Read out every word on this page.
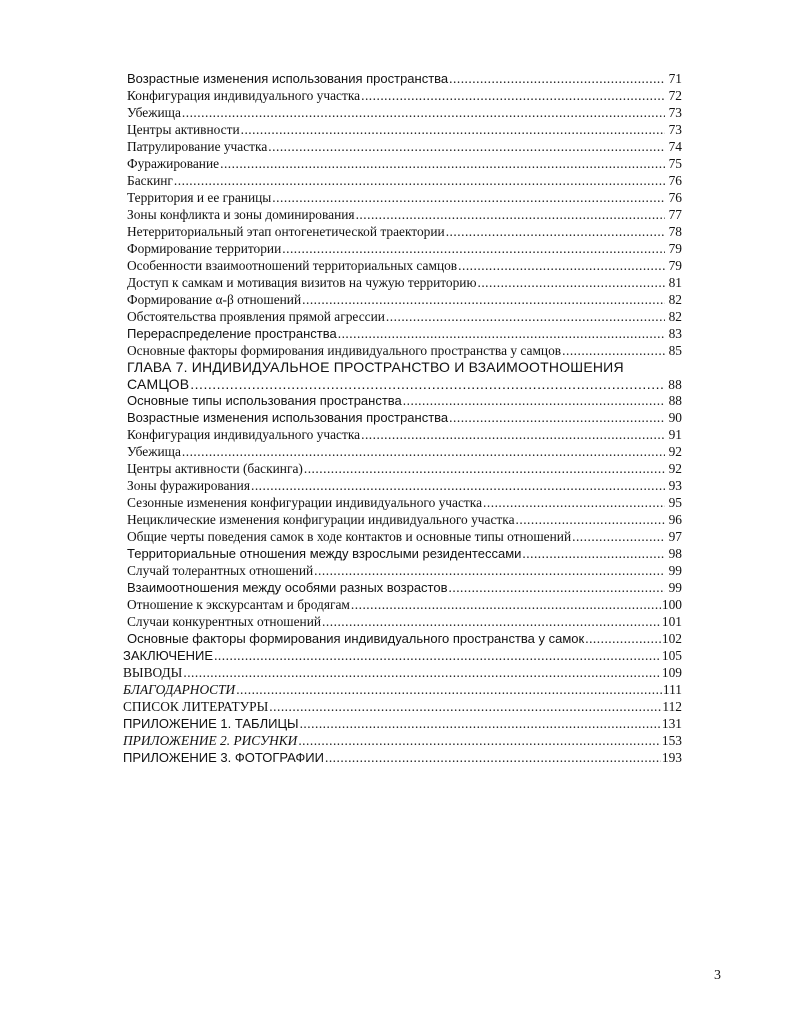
Возрастные изменения использования пространства .....	71
Конфигурация индивидуального участка .....	72
Убежища .....	73
Центры активности .....	73
Патрулирование участка .....	74
Фуражирование .....	75
Баскинг .....	76
Территория и ее границы .....	76
Зоны конфликта и зоны доминирования .....	77
Нетерриториальный этап онтогенетической траектории .....	78
Формирование территории .....	79
Особенности взаимоотношений территориальных самцов .....	79
Доступ к самкам и мотивация визитов на чужую территорию .....	81
Формирование α-β отношений .....	82
Обстоятельства проявления прямой агрессии .....	82
Перераспределение пространства .....	83
Основные факторы формирования индивидуального пространства у самцов .....	85
ГЛАВА 7. ИНДИВИДУАЛЬНОЕ ПРОСТРАНСТВО И ВЗАИМООТНОШЕНИЯ
САМЦОВ .....	88
Основные типы использования пространства .....	88
Возрастные изменения использования пространства .....	90
Конфигурация индивидуального участка .....	91
Убежища .....	92
Центры активности (баскинга) .....	92
Зоны фуражирования .....	93
Сезонные изменения конфигурации индивидуального участка .....	95
Нециклические изменения конфигурации индивидуального участка .....	96
Общие черты поведения самок в ходе контактов и основные типы отношений .....	97
Территориальные отношения между взрослыми резидентессами .....	98
Случай толерантных отношений .....	99
Взаимоотношения между особями разных возрастов .....	99
Отношение к экскурсантам и бродягам .....	100
Случаи конкурентных отношений .....	101
Основные факторы формирования индивидуального пространства у самок .....	102
ЗАКЛЮЧЕНИЕ .....	105
ВЫВОДЫ .....	109
БЛАГОДАРНОСТИ .....	111
СПИСОК ЛИТЕРАТУРЫ .....	112
ПРИЛОЖЕНИЕ 1. ТАБЛИЦЫ .....	131
ПРИЛОЖЕНИЕ 2. РИСУНКИ .....	153
ПРИЛОЖЕНИЕ 3. ФОТОГРАФИИ .....	193
3
